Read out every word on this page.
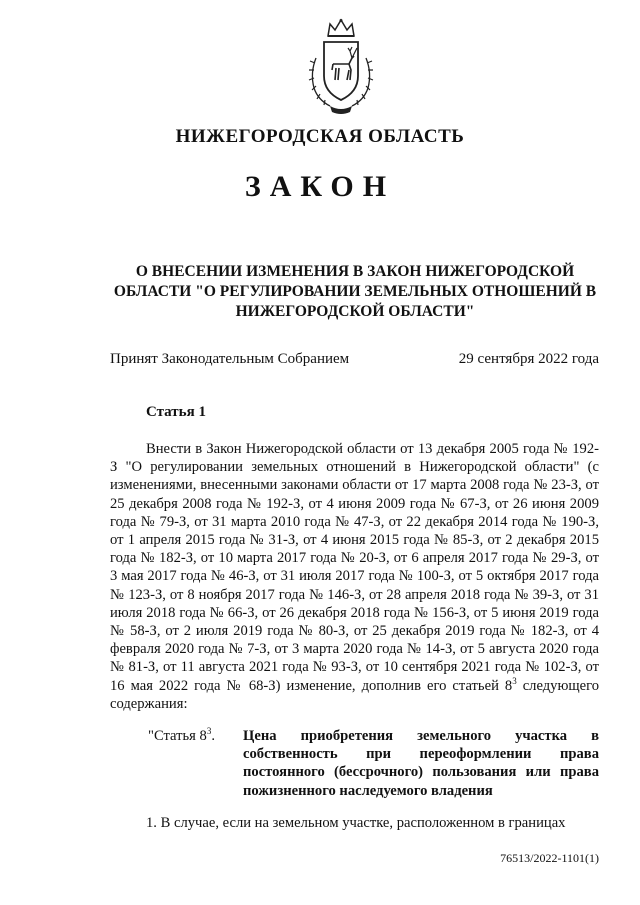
НИЖЕГОРОДСКАЯ ОБЛАСТЬ
ЗАКОН
О ВНЕСЕНИИ ИЗМЕНЕНИЯ В ЗАКОН НИЖЕГОРОДСКОЙ ОБЛАСТИ "О РЕГУЛИРОВАНИИ ЗЕМЕЛЬНЫХ ОТНОШЕНИЙ В НИЖЕГОРОДСКОЙ ОБЛАСТИ"
Принят Законодательным Собранием	29 сентября 2022 года
Статья 1
Внести в Закон Нижегородской области от 13 декабря 2005 года № 192-З "О регулировании земельных отношений в Нижегородской области" (с изменениями, внесенными законами области от 17 марта 2008 года № 23-З, от 25 декабря 2008 года № 192-З, от 4 июня 2009 года № 67-З, от 26 июня 2009 года № 79-З, от 31 марта 2010 года № 47-З, от 22 декабря 2014 года № 190-З, от 1 апреля 2015 года № 31-З, от 4 июня 2015 года № 85-З, от 2 декабря 2015 года № 182-З, от 10 марта 2017 года № 20-З, от 6 апреля 2017 года № 29-З, от 3 мая 2017 года № 46-З, от 31 июля 2017 года № 100-З, от 5 октября 2017 года № 123-З, от 8 ноября 2017 года № 146-З, от 28 апреля 2018 года № 39-З, от 31 июля 2018 года № 66-З, от 26 декабря 2018 года № 156-З, от 5 июня 2019 года № 58-З, от 2 июля 2019 года № 80-З, от 25 декабря 2019 года № 182-З, от 4 февраля 2020 года № 7-З, от 3 марта 2020 года № 14-З, от 5 августа 2020 года № 81-З, от 11 августа 2021 года № 93-З, от 10 сентября 2021 года № 102-З, от 16 мая 2022 года № 68-З) изменение, дополнив его статьей $8^3$ следующего содержания:
"Статья $8^3$. Цена приобретения земельного участка в собственность при переоформлении права постоянного (бессрочного) пользования или права пожизненного наследуемого владения
1. В случае, если на земельном участке, расположенном в границах
76513/2022-1101(1)
